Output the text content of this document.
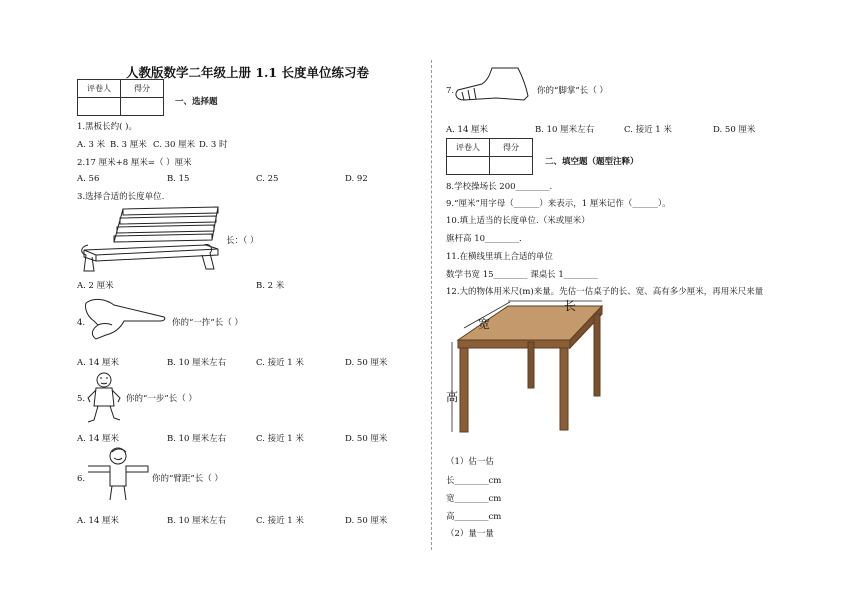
人教版数学二年级上册 1.1 长度单位练习卷
评卷人	得分

一、选择题
1.黑板长约( )。
A. 3 米 B. 3 厘米 C. 30 厘米 D. 3 时
2.17 厘米+8 厘米=（ ）厘米
A. 56	B. 15	C. 25	D. 92
3.选择合适的长度单位.
长：（ ）
A. 2 厘米	B. 2 米
4.	你的“一拃”长（ ）
A. 14 厘米	B. 10 厘米左右	C. 接近 1 米	D. 50 厘米
5.	你的“一步”长（ ）
A. 14 厘米	B. 10 厘米左右	C. 接近 1 米	D. 50 厘米
6.	你的“臂距”长（ ）
A. 14 厘米	B. 10 厘米左右	C. 接近 1 米	D. 50 厘米
7.	你的“脚掌”长（ ）
A. 14 厘米	B. 10 厘米左右	C. 接近 1 米	D. 50 厘米
评卷人	得分

二、填空题（题型注释）
8.学校操场长 200________.
9.“厘米”用字母（______）来表示，1 厘米记作（______）。
10.填上适当的长度单位.（米或厘米）
旗杆高 10________.
11.在横线里填上合适的单位
数学书宽 15________ 课桌长 1________
12.大的物体用米尺(m)来量。先估一估桌子的长、宽、高有多少厘米，再用米尺来量
长
宽
高
（1）估一估
长________cm
宽________cm
高________cm
（2）量一量
